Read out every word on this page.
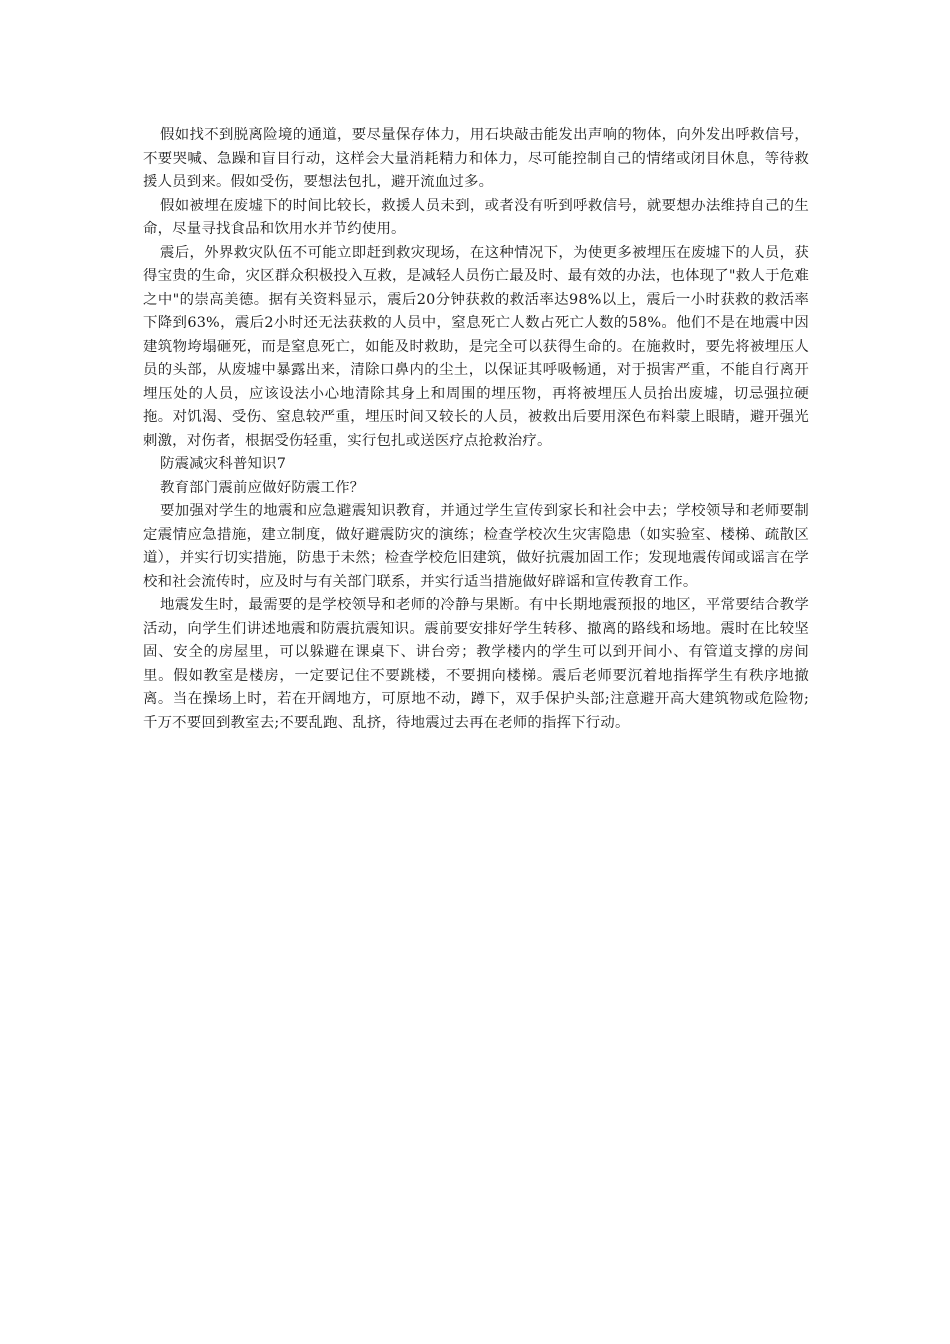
假如找不到脱离险境的通道，要尽量保存体力，用石块敲击能发出声响的物体，向外发出呼救信号，不要哭喊、急躁和盲目行动，这样会大量消耗精力和体力，尽可能控制自己的情绪或闭目休息，等待救援人员到来。假如受伤，要想法包扎，避开流血过多。

假如被埋在废墟下的时间比较长，救援人员未到，或者没有听到呼救信号，就要想办法维持自己的生命，尽量寻找食品和饮用水并节约使用。

震后，外界救灾队伍不可能立即赶到救灾现场，在这种情况下，为使更多被埋压在废墟下的人员，获得宝贵的生命，灾区群众积极投入互救，是减轻人员伤亡最及时、最有效的办法，也体现了"救人于危难之中"的崇高美德。据有关资料显示，震后20分钟获救的救活率达98%以上，震后一小时获救的救活率下降到63%，震后2小时还无法获救的人员中，窒息死亡人数占死亡人数的58%。他们不是在地震中因建筑物垮塌砸死，而是窒息死亡，如能及时救助，是完全可以获得生命的。在施救时，要先将被埋压人员的头部，从废墟中暴露出来，清除口鼻内的尘土，以保证其呼吸畅通，对于损害严重，不能自行离开埋压处的人员，应该设法小心地清除其身上和周围的埋压物，再将被埋压人员抬出废墟，切忌强拉硬拖。对饥渴、受伤、窒息较严重，埋压时间又较长的人员，被救出后要用深色布料蒙上眼睛，避开强光刺激，对伤者，根据受伤轻重，实行包扎或送医疗点抢救治疗。

防震减灾科普知识7

教育部门震前应做好防震工作？

要加强对学生的地震和应急避震知识教育，并通过学生宣传到家长和社会中去；学校领导和老师要制定震情应急措施，建立制度，做好避震防灾的演练；检查学校次生灾害隐患（如实验室、楼梯、疏散区道），并实行切实措施，防患于未然；检查学校危旧建筑，做好抗震加固工作；发现地震传闻或谣言在学校和社会流传时，应及时与有关部门联系，并实行适当措施做好辟谣和宣传教育工作。

地震发生时，最需要的是学校领导和老师的冷静与果断。有中长期地震预报的地区，平常要结合教学活动，向学生们讲述地震和防震抗震知识。震前要安排好学生转移、撤离的路线和场地。震时在比较坚固、安全的房屋里，可以躲避在课桌下、讲台旁；教学楼内的学生可以到开间小、有管道支撑的房间里。假如教室是楼房，一定要记住不要跳楼，不要拥向楼梯。震后老师要沉着地指挥学生有秩序地撤离。当在操场上时，若在开阔地方，可原地不动，蹲下，双手保护头部;注意避开高大建筑物或危险物;千万不要回到教室去;不要乱跑、乱挤，待地震过去再在老师的指挥下行动。
